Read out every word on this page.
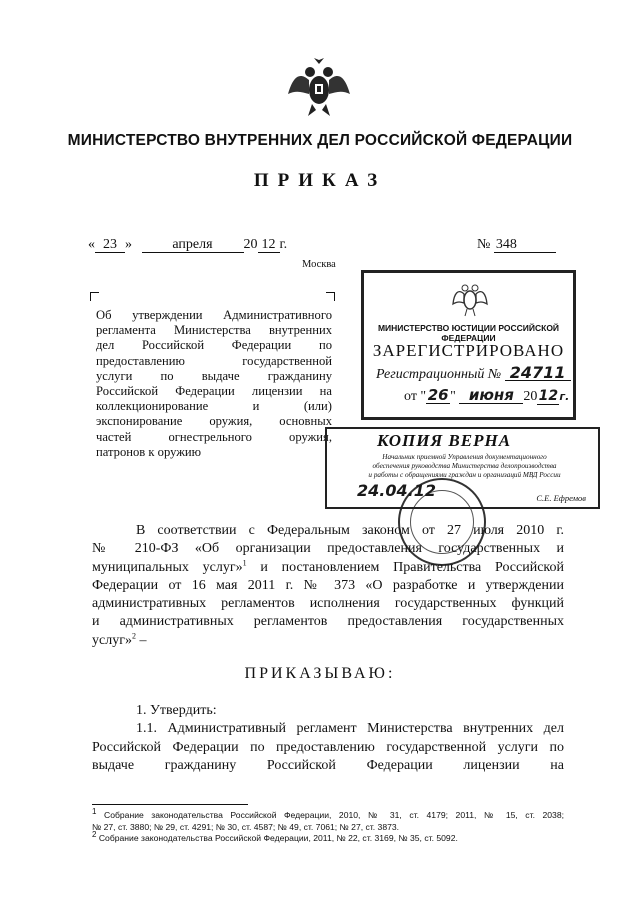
МИНИСТЕРСТВО ВНУТРЕННИХ ДЕЛ РОССИЙСКОЙ ФЕДЕРАЦИИ
ПРИКАЗ
« 23 »	апреля 20 12 г.	№ 348
Москва
Об утверждении Административного
регламента Министерства внутренних
дел Российской Федерации по
предоставлению государственной
услуги по выдаче гражданину
Российской Федерации лицензии на
коллекционирование и (или)
экспонирование оружия, основных
частей огнестрельного оружия,
патронов к оружию
МИНИСТЕРСТВО ЮСТИЦИИ РОССИЙСКОЙ ФЕДЕРАЦИИ
ЗАРЕГИСТРИРОВАНО
Регистрационный № 24711
от " 26 " июня 2012г.
КОПИЯ ВЕРНА
Начальник приемной Управления документационного
обеспечения руководства Министерства делопроизводства
и работы с обращениями граждан и организаций МВД России
24.04.12	С.Е. Ефремов
В соответствии с Федеральным законом от 27 июля 2010 г.
№ 210-ФЗ «Об организации предоставления государственных и
муниципальных услуг»$^1$ и постановлением Правительства Российской
Федерации от 16 мая 2011 г. № 373 «О разработке и утверждении
административных регламентов исполнения государственных функций
и административных регламентов предоставления государственных
услуг»$^2$ –
ПРИКАЗЫВАЮ:
1. Утвердить:
1.1. Административный регламент Министерства внутренних дел
Российской Федерации по предоставлению государственной услуги по
выдаче гражданину Российской Федерации лицензии на
$^1$ Собрание законодательства Российской Федерации, 2010, № 31, ст. 4179; 2011, № 15, ст. 2038;
№ 27, ст. 3880; № 29, ст. 4291; № 30, ст. 4587; № 49, ст. 7061; № 27, ст. 3873.
$^2$ Собрание законодательства Российской Федерации, 2011, № 22, ст. 3169, № 35, ст. 5092.
